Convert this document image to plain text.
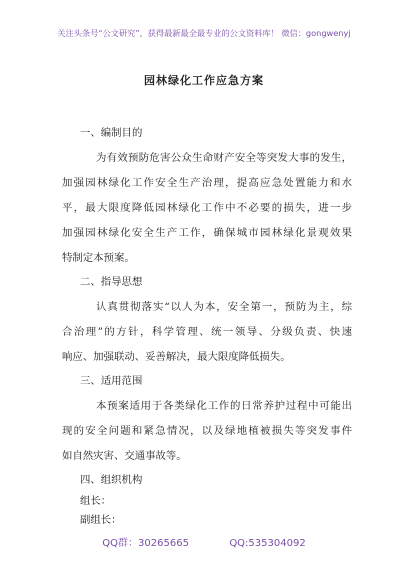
关注头条号“公文研究”，获得最新最全最专业的公文资料库！ 微信：gongwenyj
园林绿化工作应急方案
一、编制目的
为有效预防危害公众生命财产安全等突发大事的发生，
加强园林绿化工作安全生产治理，提高应急处置能力和水
平，最大限度降低园林绿化工作中不必要的损失，进一步
加强园林绿化安全生产工作，确保城市园林绿化景观效果
特制定本预案。
二、指导思想
认真贯彻落实“以人为本，安全第一，预防为主，综
合治理”的方针，科学管理、统一领导、分级负责、快速
响应、加强联动、妥善解决，最大限度降低损失。
三、适用范围
本预案适用于各类绿化工作的日常养护过程中可能出
现的安全问题和紧急情况，以及绿地植被损失等突发事件
如自然灾害、交通事故等。
四、组织机构
组长：
副组长：
QQ群：30265665	QQ:535304092
